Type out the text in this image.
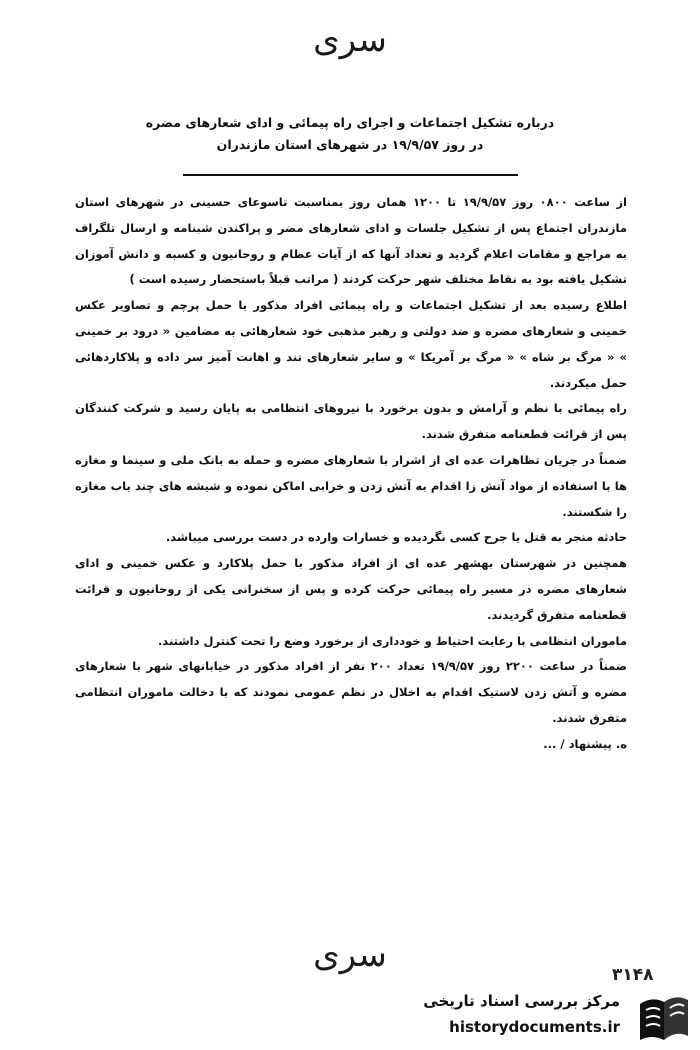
سری
درباره تشکیل اجتماعات و اجرای راه پیمائی و ادای شعارهای مضره
در روز ۱۹/۹/۵۷ در شهرهای استان مازندران

از ساعت ۰۸۰۰ روز ۱۹/۹/۵۷ تا ۱۲۰۰ همان روز بمناسبت تاسوعای حسینی در شهرهای استان مازندران اجتماع پس از تشکیل جلسات و ادای شعارهای مضر و پراکندن شبنامه و ارسال تلگراف به مراجع و مقامات اعلام گردید و تعداد آنها که از آیات عظام و روحانیون و کسبه و دانش آموزان تشکیل یافته بود به نقاط مختلف شهر حرکت کردند ( مراتب قبلاً باستحضار رسیده است )

اطلاع رسیده بعد از تشکیل اجتماعات و راه پیمائی افراد مذکور با حمل پرچم و تصاویر عکس خمینی و شعارهای مضره و ضد دولتی و رهبر مذهبی خود شعارهائی به مضامین « درود بر خمینی » « مرگ بر شاه » « مرگ بر آمریکا » و سایر شعارهای تند و اهانت آمیز سر داده و پلاکاردهائی حمل میکردند.

راه پیمائی با نظم و آرامش و بدون برخورد با نیروهای انتظامی به پایان رسید و شرکت کنندگان پس از قرائت قطعنامه متفرق شدند.

ضمناً در جریان تظاهرات عده ای از اشرار با شعارهای مضره و حمله به بانک ملی و سینما و مغازه ها با استفاده از مواد آتش زا اقدام به آتش زدن و خرابی اماکن نموده و شیشه های چند باب مغازه را شکستند.

حادثه منجر به قتل یا جرح کسی نگردیده و خسارات وارده در دست بررسی میباشد.

همچنین در شهرستان بهشهر عده ای از افراد مذکور با حمل پلاکارد و عکس خمینی و ادای شعارهای مضره در مسیر راه پیمائی حرکت کرده و پس از سخنرانی یکی از روحانیون و قرائت قطعنامه متفرق گردیدند.

ماموران انتظامی با رعایت احتیاط و خودداری از برخورد وضع را تحت کنترل داشتند.

ضمناً در ساعت ۲۲۰۰ روز ۱۹/۹/۵۷ تعداد ۲۰۰ نفر از افراد مذکور در خیابانهای شهر با شعارهای مضره و آتش زدن لاستیک اقدام به اخلال در نظم عمومی نمودند که با دخالت ماموران انتظامی متفرق شدند.

ه. پیشنهاد / ...

سری	۳۱۴۸
مرکز بررسی اسناد تاریخی
historydocuments.ir
